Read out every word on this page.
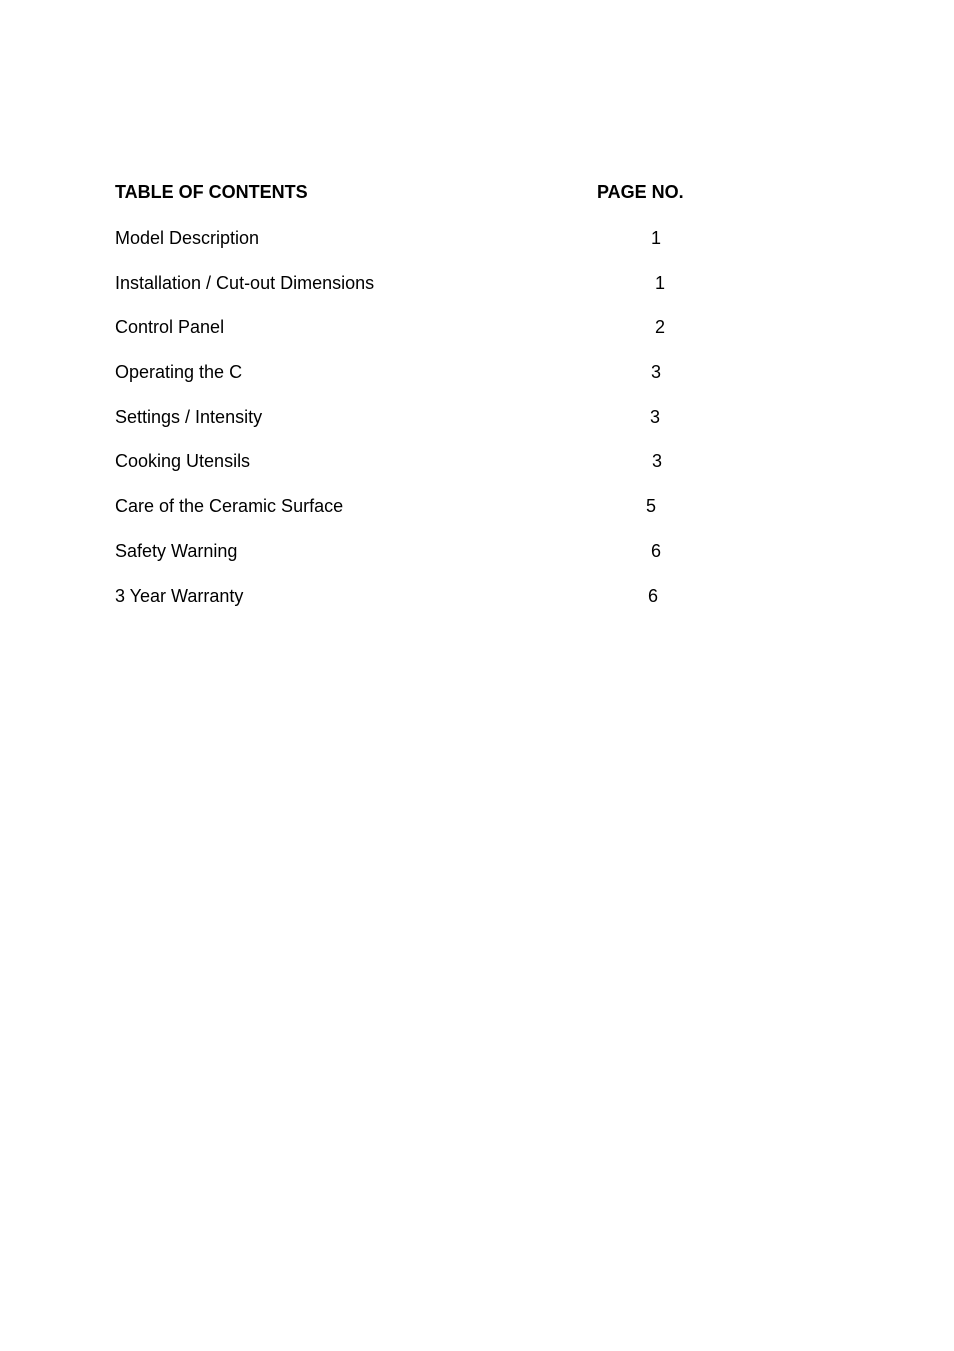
TABLE OF CONTENTS	PAGE NO.
Model Description	1
Installation / Cut-out Dimensions	1
Control Panel	2
Operating the C	3
Settings / Intensity	3
Cooking Utensils	3
Care of the Ceramic Surface	5
Safety Warning	6
3 Year Warranty	6
